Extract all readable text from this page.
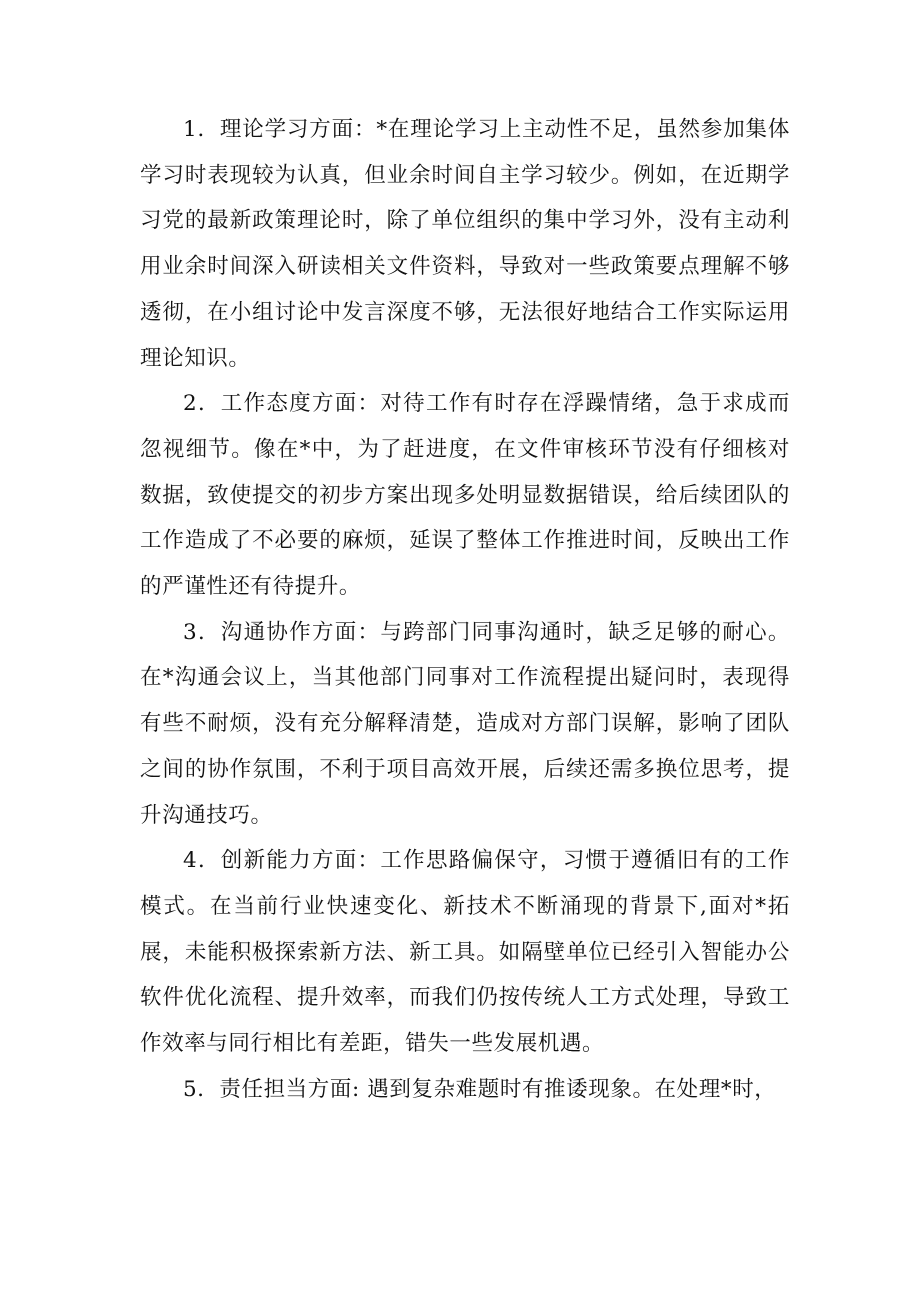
1．理论学习方面：*在理论学习上主动性不足，虽然参加集体学习时表现较为认真，但业余时间自主学习较少。例如，在近期学习党的最新政策理论时，除了单位组织的集中学习外，没有主动利用业余时间深入研读相关文件资料，导致对一些政策要点理解不够透彻，在小组讨论中发言深度不够，无法很好地结合工作实际运用理论知识。

2．工作态度方面：对待工作有时存在浮躁情绪，急于求成而忽视细节。像在*中，为了赶进度，在文件审核环节没有仔细核对数据，致使提交的初步方案出现多处明显数据错误，给后续团队的工作造成了不必要的麻烦，延误了整体工作推进时间，反映出工作的严谨性还有待提升。

3．沟通协作方面：与跨部门同事沟通时，缺乏足够的耐心。在*沟通会议上，当其他部门同事对工作流程提出疑问时，表现得有些不耐烦，没有充分解释清楚，造成对方部门误解，影响了团队之间的协作氛围，不利于项目高效开展，后续还需多换位思考，提升沟通技巧。

4．创新能力方面：工作思路偏保守，习惯于遵循旧有的工作模式。在当前行业快速变化、新技术不断涌现的背景下,面对*拓展，未能积极探索新方法、新工具。如隔壁单位已经引入智能办公软件优化流程、提升效率，而我们仍按传统人工方式处理，导致工作效率与同行相比有差距，错失一些发展机遇。

5．责任担当方面: 遇到复杂难题时有推诿现象。在处理*时，
